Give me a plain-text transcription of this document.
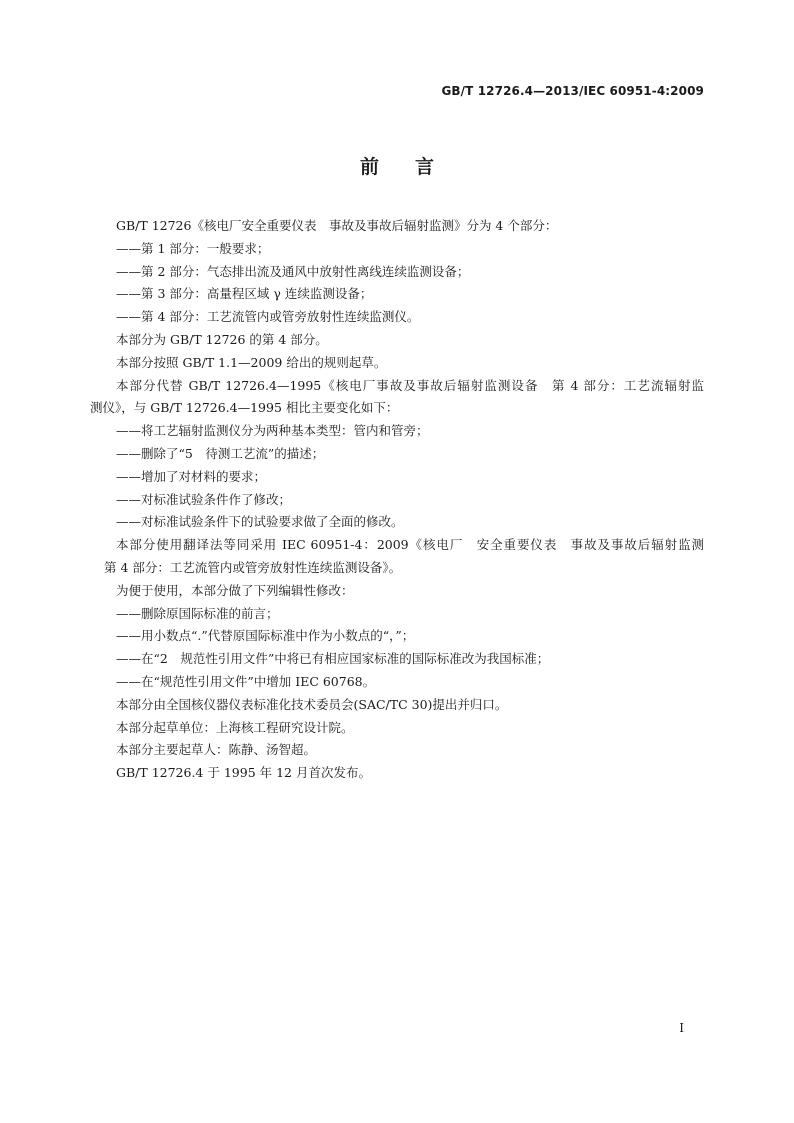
GB/T 12726.4—2013/IEC 60951-4:2009
前言

GB/T 12726《核电厂安全重要仪表　事故及事故后辐射监测》分为 4 个部分：

——第 1 部分：一般要求；

——第 2 部分：气态排出流及通风中放射性离线连续监测设备；

——第 3 部分：高量程区域 γ 连续监测设备；

——第 4 部分：工艺流管内或管旁放射性连续监测仪。

本部分为 GB/T 12726 的第 4 部分。

本部分按照 GB/T 1.1—2009 给出的规则起草。

本部分代替 GB/T 12726.4—1995《核电厂事故及事故后辐射监测设备　第 4 部分：工艺流辐射监

测仪》，与 GB/T 12726.4—1995 相比主要变化如下：

——将工艺辐射监测仪分为两种基本类型：管内和管旁；

——删除了“5　待测工艺流”的描述；

——增加了对材料的要求；

——对标准试验条件作了修改；

——对标准试验条件下的试验要求做了全面的修改。

本部分使用翻译法等同采用 IEC 60951-4：2009《核电厂　安全重要仪表　事故及事故后辐射监测

第 4 部分：工艺流管内或管旁放射性连续监测设备》。

为便于使用，本部分做了下列编辑性修改：

——删除原国际标准的前言；

——用小数点“.”代替原国际标准中作为小数点的“，”；

——在“2　规范性引用文件”中将已有相应国家标准的国际标准改为我国标准；

——在“规范性引用文件”中增加 IEC 60768。

本部分由全国核仪器仪表标准化技术委员会(SAC/TC 30)提出并归口。

本部分起草单位：上海核工程研究设计院。

本部分主要起草人：陈静、汤智超。

GB/T 12726.4 于 1995 年 12 月首次发布。

I
